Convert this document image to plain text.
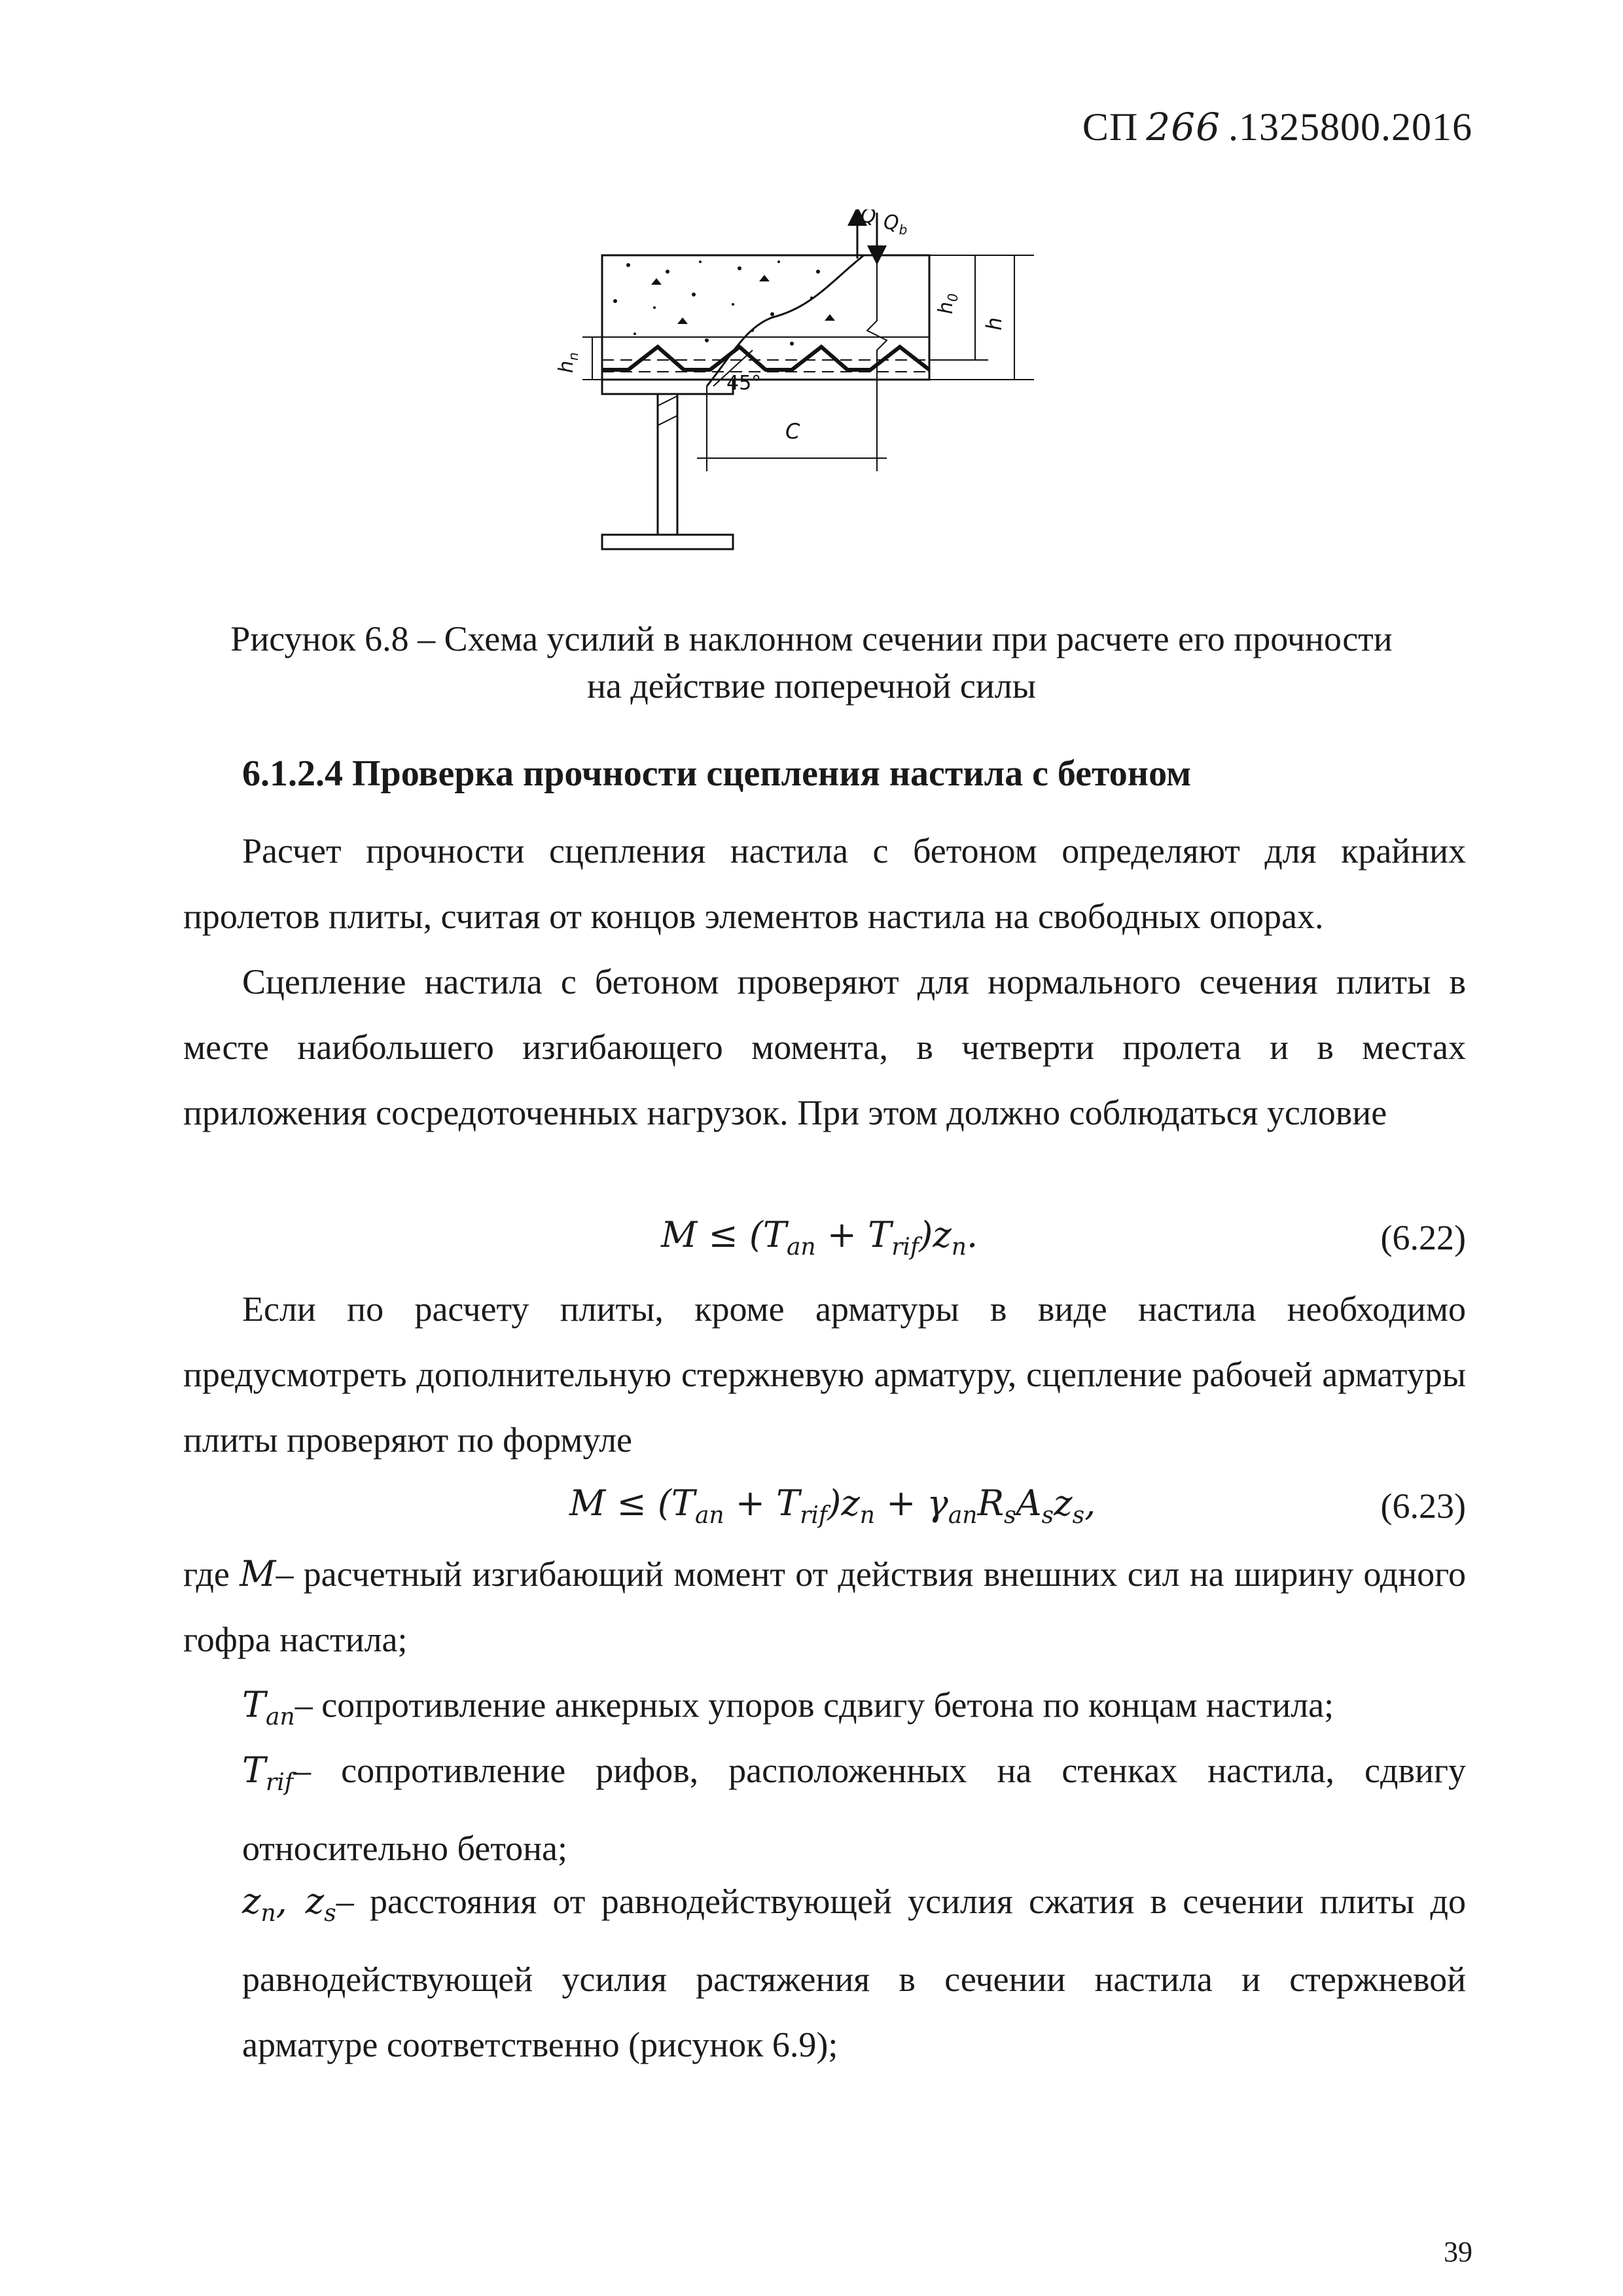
СП 266 .1325800.2016
45°
Q $Q_b$
$h_0$
h
$h_n$
C
Рисунок 6.8 – Схема усилий в наклонном сечении при расчете его прочности
на действие поперечной силы
6.1.2.4 Проверка прочности сцепления настила с бетоном

Расчет прочности сцепления настила с бетоном определяют для крайних пролетов плиты, считая от концов элементов настила на свободных опорах.

Сцепление настила с бетоном проверяют для нормального сечения плиты в месте наибольшего изгибающего момента, в четверти пролета и в местах приложения сосредоточенных нагрузок. При этом должно соблюдаться условие

$M \le (T_{an} + T_{rif})z_n$.	(6.22)

Если по расчету плиты, кроме арматуры в виде настила необходимо предусмотреть дополнительную стержневую арматуру, сцепление рабочей арматуры плиты проверяют по формуле

$M \le (T_{an} + T_{rif})z_n + \gamma_{an}R_sA_sz_s$,	(6.23)

где M– расчетный изгибающий момент от действия внешних сил на ширину одного гофра настила;

$T_{an}-$ сопротивление анкерных упоров сдвигу бетона по концам настила;

$T_{rif}-$ сопротивление рифов, расположенных на стенках настила, сдвигу относительно бетона;

$z_n$, $z_s-$ расстояния от равнодействующей усилия сжатия в сечении плиты до равнодействующей усилия растяжения в сечении настила и стержневой арматуре соответственно (рисунок 6.9);

39
